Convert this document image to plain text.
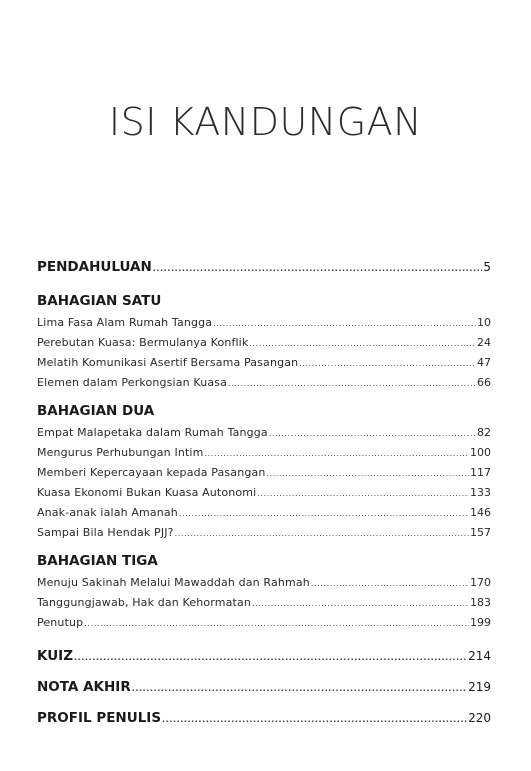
ISI KANDUNGAN
PENDAHULUAN .....	5
BAHAGIAN SATU
Lima Fasa Alam Rumah Tangga .....	10
Perebutan Kuasa: Bermulanya Konflik .....	24
Melatih Komunikasi Asertif Bersama Pasangan .....	47
Elemen dalam Perkongsian Kuasa .....	66
BAHAGIAN DUA
Empat Malapetaka dalam Rumah Tangga .....	82
Mengurus Perhubungan Intim .....	100
Memberi Kepercayaan kepada Pasangan .....	117
Kuasa Ekonomi Bukan Kuasa Autonomi .....	133
Anak-anak ialah Amanah .....	146
Sampai Bila Hendak PJJ? .....	157
BAHAGIAN TIGA
Menuju Sakinah Melalui Mawaddah dan Rahmah .....	170
Tanggungjawab, Hak dan Kehormatan .....	183
Penutup .....	199
KUIZ .....	214
NOTA AKHIR .....	219
PROFIL PENULIS .....	220
